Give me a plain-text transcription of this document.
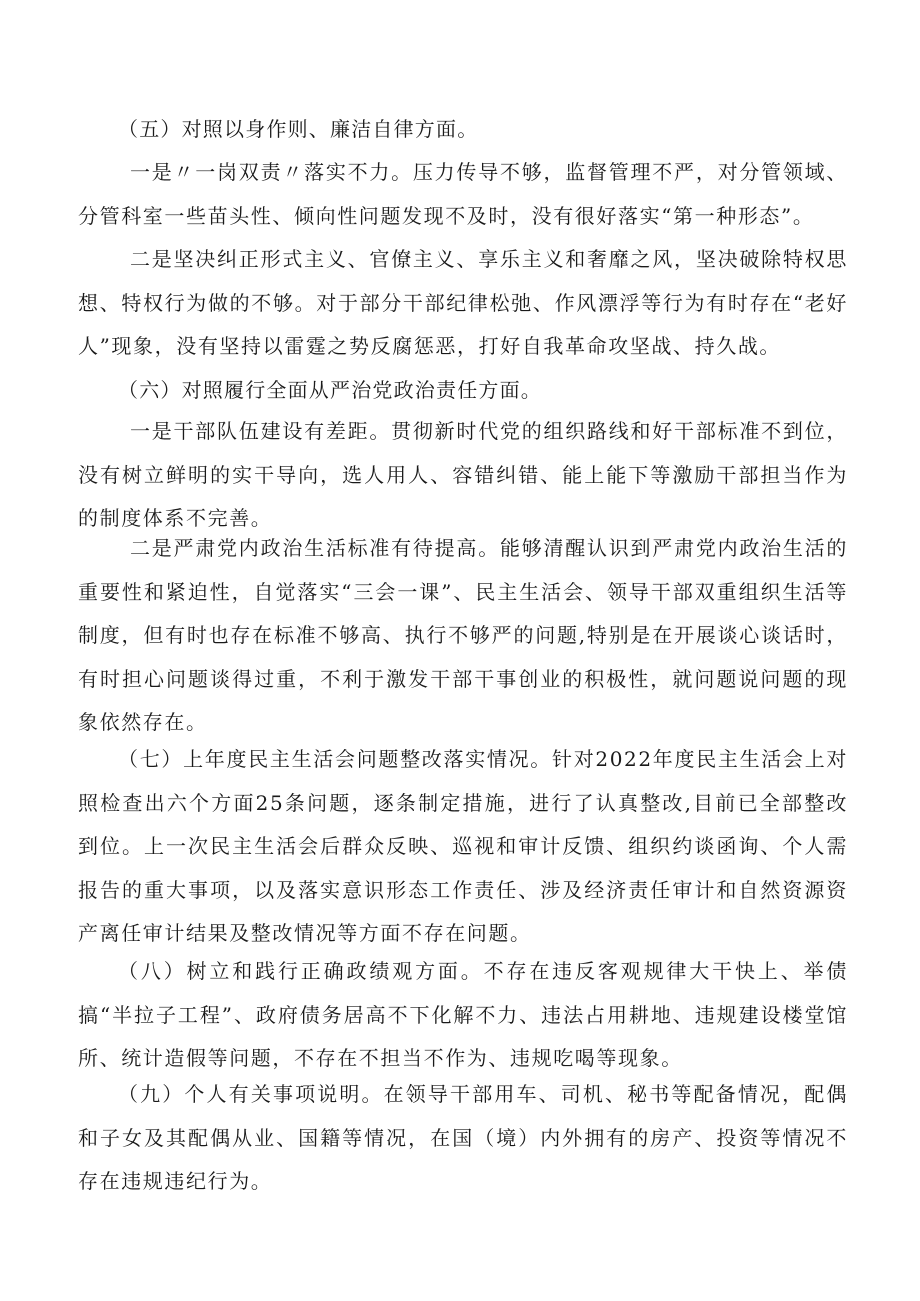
（五）对照以身作则、廉洁自律方面。

一是〃一岗双责〃落实不力。压力传导不够，监督管理不严，对分管领域、分管科室一些苗头性、倾向性问题发现不及时，没有很好落实“第一种形态”。

二是坚决纠正形式主义、官僚主义、享乐主义和奢靡之风，坚决破除特权思想、特权行为做的不够。对于部分干部纪律松弛、作风漂浮等行为有时存在“老好人”现象，没有坚持以雷霆之势反腐惩恶，打好自我革命攻坚战、持久战。

（六）对照履行全面从严治党政治责任方面。

一是干部队伍建设有差距。贯彻新时代党的组织路线和好干部标准不到位，没有树立鲜明的实干导向，选人用人、容错纠错、能上能下等激励干部担当作为的制度体系不完善。

二是严肃党内政治生活标准有待提高。能够清醒认识到严肃党内政治生活的重要性和紧迫性，自觉落实“三会一课”、民主生活会、领导干部双重组织生活等制度，但有时也存在标准不够高、执行不够严的问题,特别是在开展谈心谈话时，有时担心问题谈得过重，不利于激发干部干事创业的积极性，就问题说问题的现象依然存在。

（七）上年度民主生活会问题整改落实情况。针对2022年度民主生活会上对照检查出六个方面25条问题，逐条制定措施，进行了认真整改,目前已全部整改到位。上一次民主生活会后群众反映、巡视和审计反馈、组织约谈函询、个人需报告的重大事项，以及落实意识形态工作责任、涉及经济责任审计和自然资源资产离任审计结果及整改情况等方面不存在问题。

（八）树立和践行正确政绩观方面。不存在违反客观规律大干快上、举债搞“半拉子工程”、政府债务居高不下化解不力、违法占用耕地、违规建设楼堂馆所、统计造假等问题，不存在不担当不作为、违规吃喝等现象。

（九）个人有关事项说明。在领导干部用车、司机、秘书等配备情况，配偶和子女及其配偶从业、国籍等情况，在国（境）内外拥有的房产、投资等情况不存在违规违纪行为。
